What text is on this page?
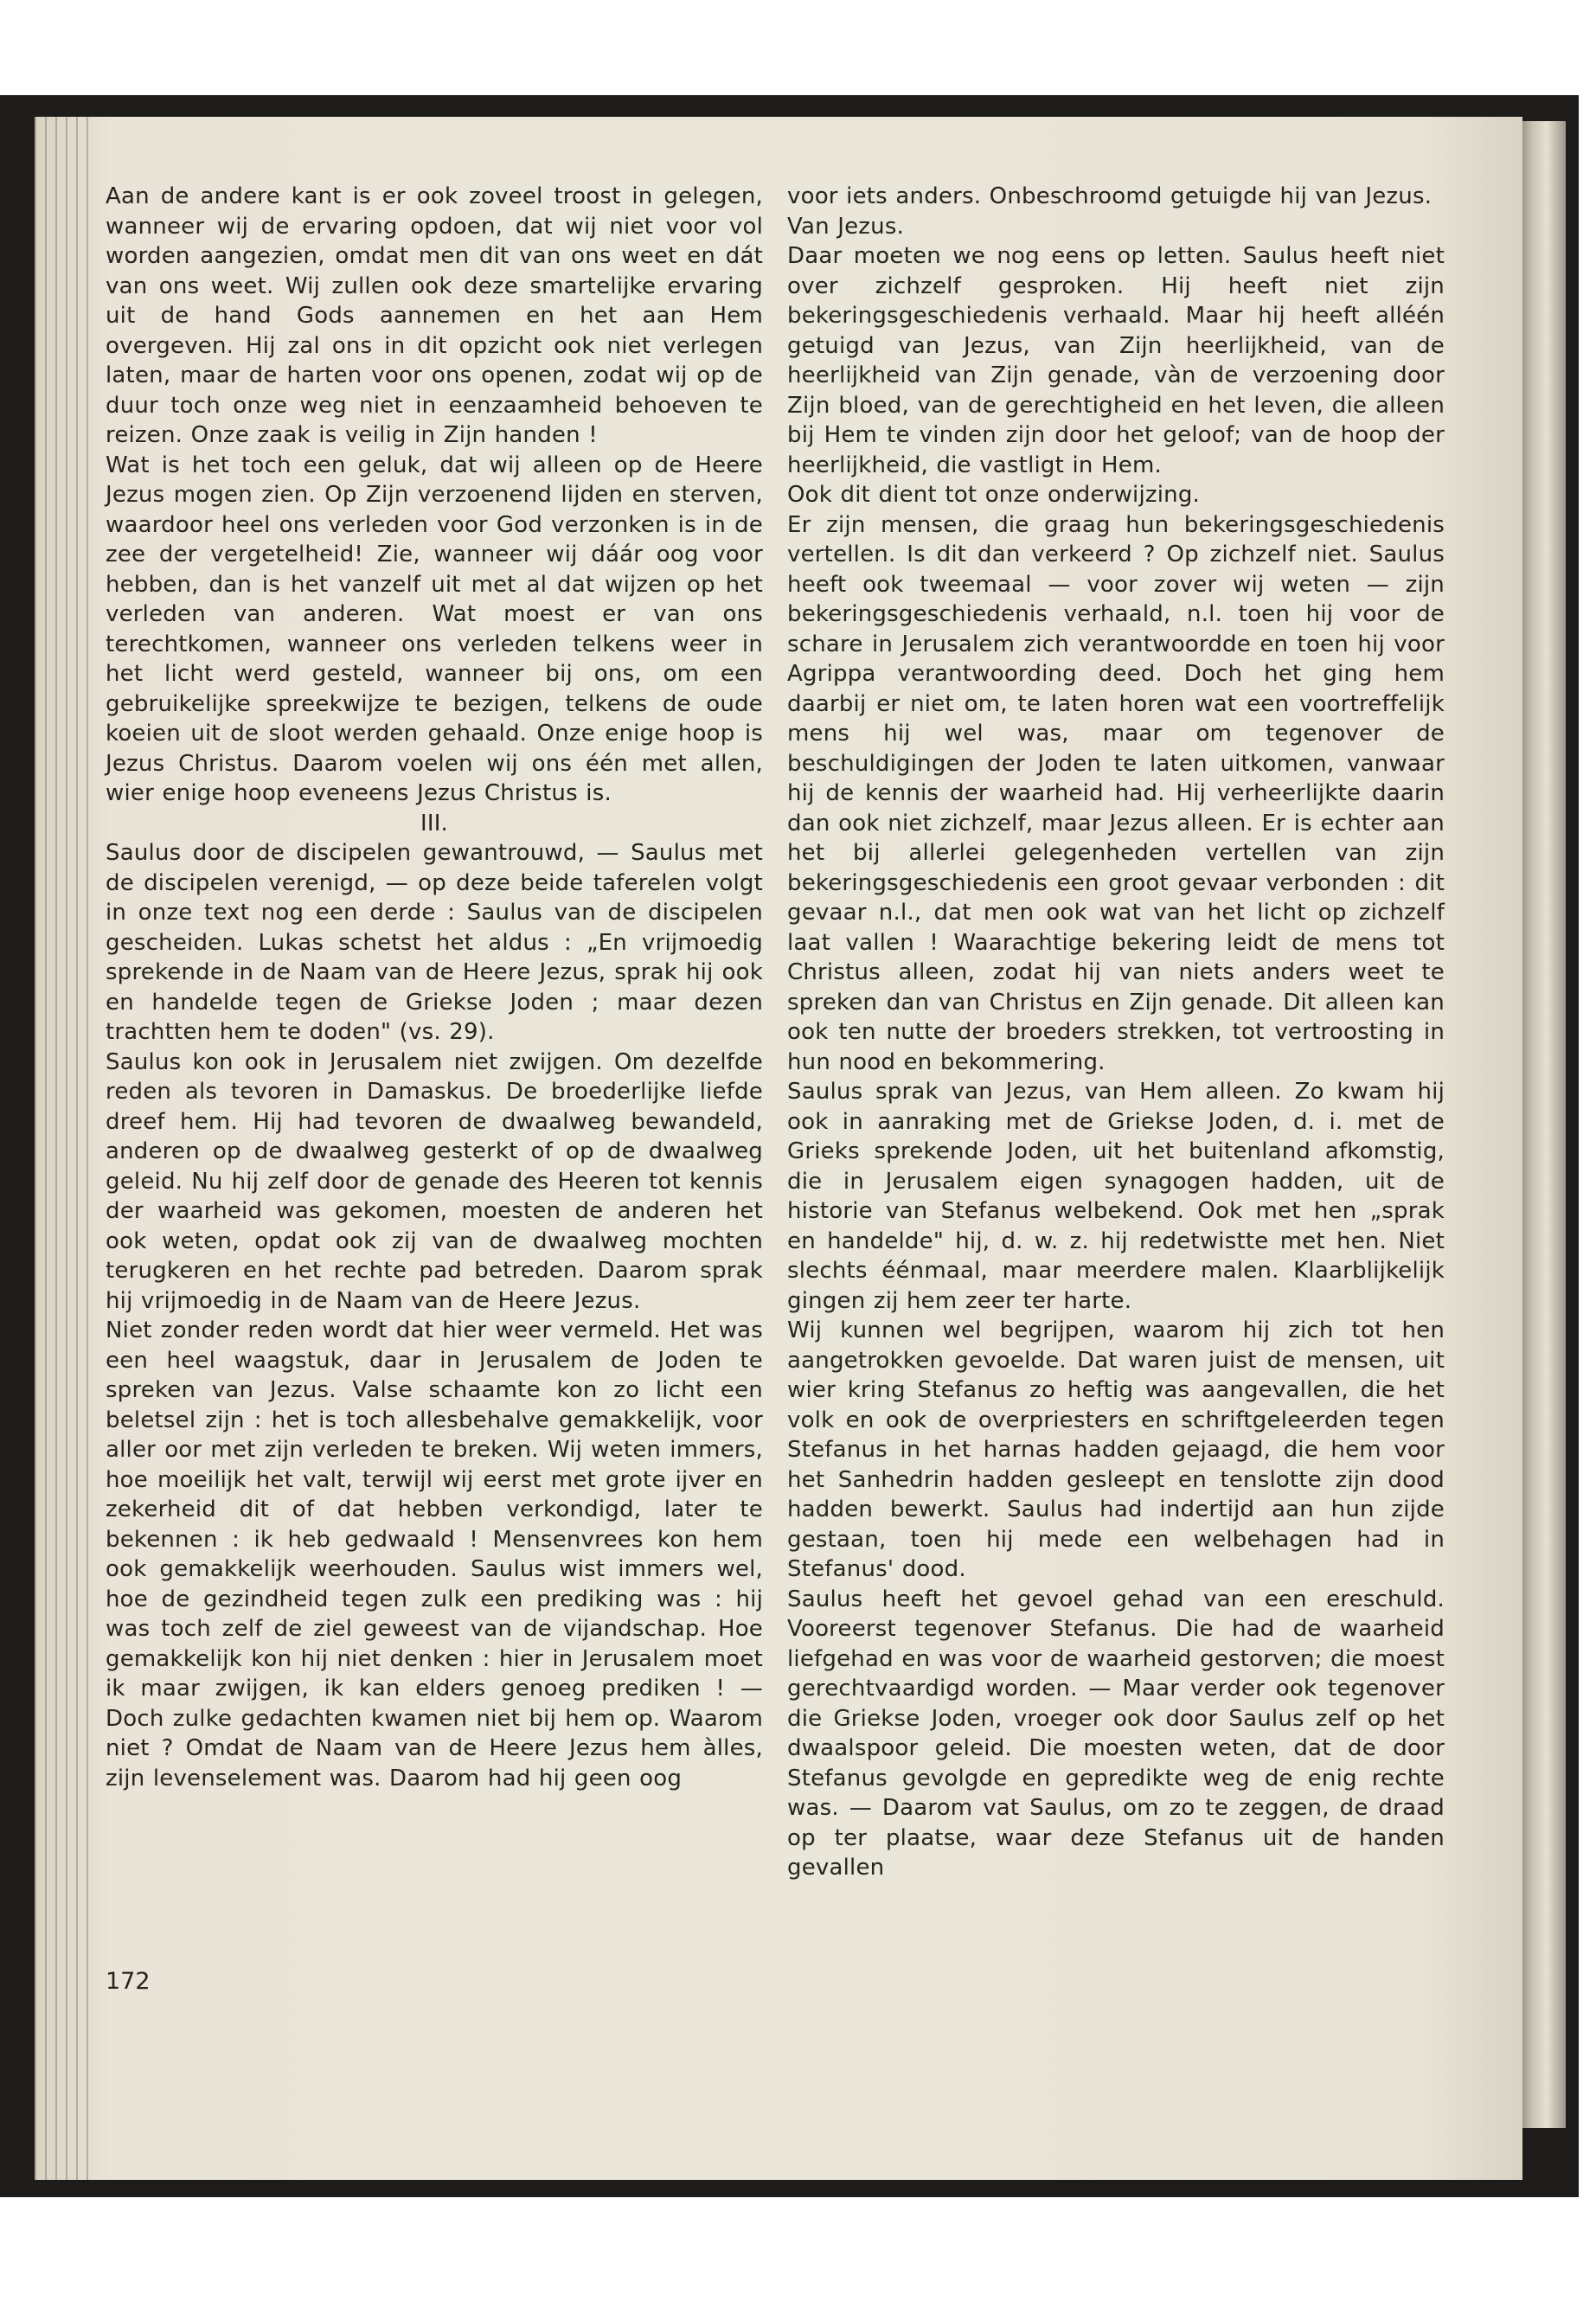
Aan de andere kant is er ook zoveel troost in gelegen, wanneer wij de ervaring opdoen, dat wij niet voor vol worden aangezien, omdat men dit van ons weet en dát van ons weet. Wij zullen ook deze smartelijke ervaring uit de hand Gods aannemen en het aan Hem overgeven. Hij zal ons in dit opzicht ook niet verlegen laten, maar de harten voor ons openen, zodat wij op de duur toch onze weg niet in eenzaamheid behoeven te reizen. Onze zaak is veilig in Zijn handen !

Wat is het toch een geluk, dat wij alleen op de Heere Jezus mogen zien. Op Zijn verzoenend lijden en sterven, waardoor heel ons verleden voor God verzonken is in de zee der vergetelheid! Zie, wanneer wij dáár oog voor hebben, dan is het vanzelf uit met al dat wijzen op het verleden van anderen. Wat moest er van ons terechtkomen, wanneer ons verleden telkens weer in het licht werd gesteld, wanneer bij ons, om een gebruikelijke spreekwijze te bezigen, telkens de oude koeien uit de sloot werden gehaald. Onze enige hoop is Jezus Christus. Daarom voelen wij ons één met allen, wier enige hoop eveneens Jezus Christus is.

III.

Saulus door de discipelen gewantrouwd, — Saulus met de discipelen verenigd, — op deze beide taferelen volgt in onze text nog een derde : Saulus van de discipelen gescheiden. Lukas schetst het aldus : „En vrijmoedig sprekende in de Naam van de Heere Jezus, sprak hij ook en handelde tegen de Griekse Joden ; maar dezen trachtten hem te doden" (vs. 29).

Saulus kon ook in Jerusalem niet zwijgen. Om dezelfde reden als tevoren in Damaskus. De broederlijke liefde dreef hem. Hij had tevoren de dwaalweg bewandeld, anderen op de dwaalweg gesterkt of op de dwaalweg geleid. Nu hij zelf door de genade des Heeren tot kennis der waarheid was gekomen, moesten de anderen het ook weten, opdat ook zij van de dwaalweg mochten terugkeren en het rechte pad betreden. Daarom sprak hij vrijmoedig in de Naam van de Heere Jezus.

Niet zonder reden wordt dat hier weer vermeld. Het was een heel waagstuk, daar in Jerusalem de Joden te spreken van Jezus. Valse schaamte kon zo licht een beletsel zijn : het is toch allesbehalve gemakkelijk, voor aller oor met zijn verleden te breken. Wij weten immers, hoe moeilijk het valt, terwijl wij eerst met grote ijver en zekerheid dit of dat hebben verkondigd, later te bekennen : ik heb gedwaald ! Mensenvrees kon hem ook gemakkelijk weerhouden. Saulus wist immers wel, hoe de gezindheid tegen zulk een prediking was : hij was toch zelf de ziel geweest van de vijandschap. Hoe gemakkelijk kon hij niet denken : hier in Jerusalem moet ik maar zwijgen, ik kan elders genoeg prediken ! — Doch zulke gedachten kwamen niet bij hem op. Waarom niet ? Omdat de Naam van de Heere Jezus hem àlles, zijn levenselement was. Daarom had hij geen oog

voor iets anders. Onbeschroomd getuigde hij van Jezus.

Van Jezus.

Daar moeten we nog eens op letten. Saulus heeft niet over zichzelf gesproken. Hij heeft niet zijn bekeringsgeschiedenis verhaald. Maar hij heeft alléén getuigd van Jezus, van Zijn heerlijkheid, van de heerlijkheid van Zijn genade, vàn de verzoening door Zijn bloed, van de gerechtigheid en het leven, die alleen bij Hem te vinden zijn door het geloof; van de hoop der heerlijkheid, die vastligt in Hem.

Ook dit dient tot onze onderwijzing.

Er zijn mensen, die graag hun bekeringsgeschiedenis vertellen. Is dit dan verkeerd ? Op zichzelf niet. Saulus heeft ook tweemaal — voor zover wij weten — zijn bekeringsgeschiedenis verhaald, n.l. toen hij voor de schare in Jerusalem zich verantwoordde en toen hij voor Agrippa verantwoording deed. Doch het ging hem daarbij er niet om, te laten horen wat een voortreffelijk mens hij wel was, maar om tegenover de beschuldigingen der Joden te laten uitkomen, vanwaar hij de kennis der waarheid had. Hij verheerlijkte daarin dan ook niet zichzelf, maar Jezus alleen. Er is echter aan het bij allerlei gelegenheden vertellen van zijn bekeringsgeschiedenis een groot gevaar verbonden : dit gevaar n.l., dat men ook wat van het licht op zichzelf laat vallen ! Waarachtige bekering leidt de mens tot Christus alleen, zodat hij van niets anders weet te spreken dan van Christus en Zijn genade. Dit alleen kan ook ten nutte der broeders strekken, tot vertroosting in hun nood en bekommering.

Saulus sprak van Jezus, van Hem alleen. Zo kwam hij ook in aanraking met de Griekse Joden, d. i. met de Grieks sprekende Joden, uit het buitenland afkomstig, die in Jerusalem eigen synagogen hadden, uit de historie van Stefanus welbekend. Ook met hen „sprak en handelde" hij, d. w. z. hij redetwistte met hen. Niet slechts éénmaal, maar meerdere malen. Klaarblijkelijk gingen zij hem zeer ter harte.

Wij kunnen wel begrijpen, waarom hij zich tot hen aangetrokken gevoelde. Dat waren juist de mensen, uit wier kring Stefanus zo heftig was aangevallen, die het volk en ook de overpriesters en schriftgeleerden tegen Stefanus in het harnas hadden gejaagd, die hem voor het Sanhedrin hadden gesleept en tenslotte zijn dood hadden bewerkt. Saulus had indertijd aan hun zijde gestaan, toen hij mede een welbehagen had in Stefanus' dood.

Saulus heeft het gevoel gehad van een ereschuld. Vooreerst tegenover Stefanus. Die had de waarheid liefgehad en was voor de waarheid gestorven; die moest gerechtvaardigd worden. — Maar verder ook tegenover die Griekse Joden, vroeger ook door Saulus zelf op het dwaalspoor geleid. Die moesten weten, dat de door Stefanus gevolgde en gepredikte weg de enig rechte was. — Daarom vat Saulus, om zo te zeggen, de draad op ter plaatse, waar deze Stefanus uit de handen gevallen

172
